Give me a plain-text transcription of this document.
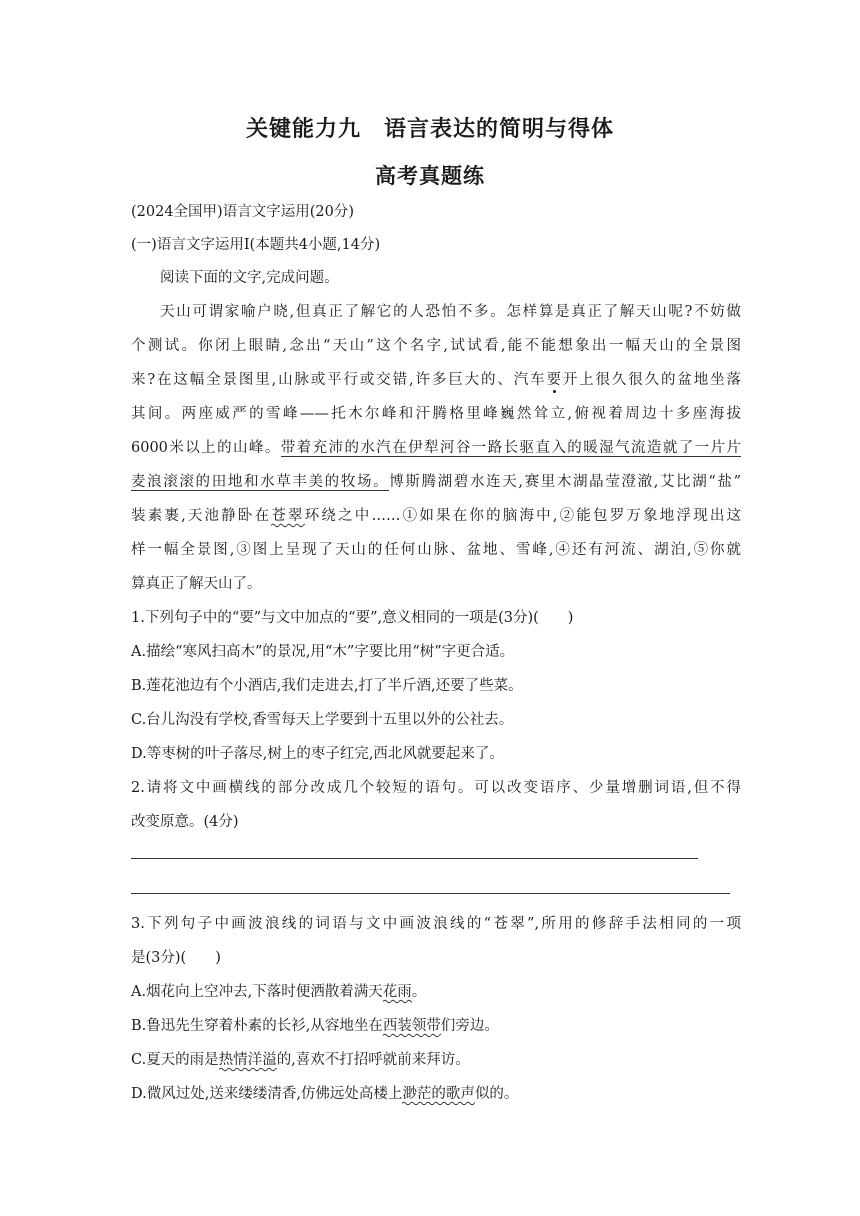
关键能力九　语言表达的简明与得体
高考真题练
(2024全国甲)语言文字运用(20分)
(一)语言文字运用Ⅰ(本题共4小题,14分)
阅读下面的文字,完成问题。
天山可谓家喻户晓,但真正了解它的人恐怕不多。怎样算是真正了解天山呢?不妨做
个测试。你闭上眼睛,念出“天山”这个名字,试试看,能不能想象出一幅天山的全景图
来?在这幅全景图里,山脉或平行或交错,许多巨大的、汽车要开上很久很久的盆地坐落
其间。两座威严的雪峰——托木尔峰和汗腾格里峰巍然耸立,俯视着周边十多座海拔
6000米以上的山峰。带着充沛的水汽在伊犁河谷一路长驱直入的暖湿气流造就了一片片
麦浪滚滚的田地和水草丰美的牧场。博斯腾湖碧水连天,赛里木湖晶莹澄澈,艾比湖“盐”
装素裹,天池静卧在苍翠环绕之中……①如果在你的脑海中,②能包罗万象地浮现出这
样一幅全景图,③图上呈现了天山的任何山脉、盆地、雪峰,④还有河流、湖泊,⑤你就
算真正了解天山了。
1.下列句子中的“要”与文中加点的“要”,意义相同的一项是(3分)(　　)
A.描绘“寒风扫高木”的景况,用“木”字要比用“树”字更合适。
B.莲花池边有个小酒店,我们走进去,打了半斤酒,还要了些菜。
C.台儿沟没有学校,香雪每天上学要到十五里以外的公社去。
D.等枣树的叶子落尽,树上的枣子红完,西北风就要起来了。
2.请将文中画横线的部分改成几个较短的语句。可以改变语序、少量增删词语,但不得
改变原意。(4分)
3.下列句子中画波浪线的词语与文中画波浪线的“苍翠”,所用的修辞手法相同的一项
是(3分)(　　)
A.烟花向上空冲去,下落时便洒散着满天花雨。
B.鲁迅先生穿着朴素的长衫,从容地坐在西装领带们旁边。
C.夏天的雨是热情洋溢的,喜欢不打招呼就前来拜访。
D.微风过处,送来缕缕清香,仿佛远处高楼上渺茫的歌声似的。
